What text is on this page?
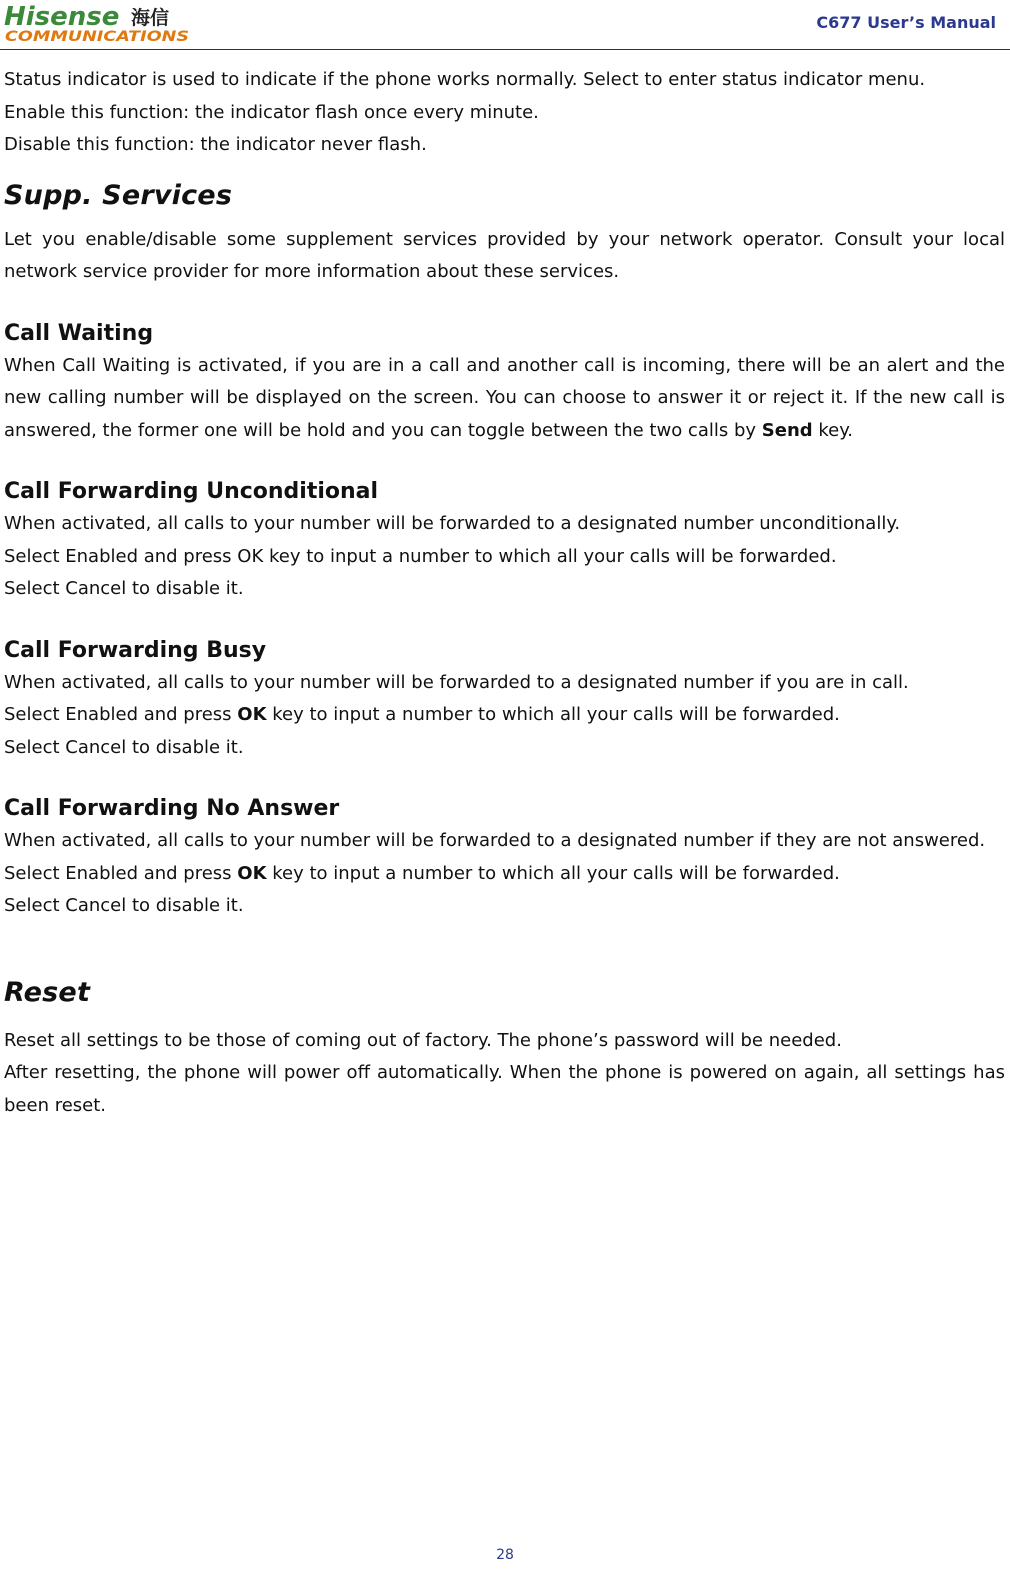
Hisense 海信
COMMUNICATIONS
C677 User’s Manual

Status indicator is used to indicate if the phone works normally. Select to enter status indicator menu.

Enable this function: the indicator flash once every minute.

Disable this function: the indicator never flash.

Supp. Services

Let you enable/disable some supplement services provided by your network operator. Consult your local network service provider for more information about these services.

Call Waiting

When Call Waiting is activated, if you are in a call and another call is incoming, there will be an alert and the new calling number will be displayed on the screen. You can choose to answer it or reject it. If the new call is answered, the former one will be hold and you can toggle between the two calls by Send key.

Call Forwarding Unconditional

When activated, all calls to your number will be forwarded to a designated number unconditionally.

Select Enabled and press OK key to input a number to which all your calls will be forwarded.

Select Cancel to disable it.

Call Forwarding Busy

When activated, all calls to your number will be forwarded to a designated number if you are in call.

Select Enabled and press OK key to input a number to which all your calls will be forwarded.

Select Cancel to disable it.

Call Forwarding No Answer

When activated, all calls to your number will be forwarded to a designated number if they are not answered.

Select Enabled and press OK key to input a number to which all your calls will be forwarded.

Select Cancel to disable it.

Reset

Reset all settings to be those of coming out of factory. The phone’s password will be needed.

After resetting, the phone will power off automatically. When the phone is powered on again, all settings has been reset.

28
